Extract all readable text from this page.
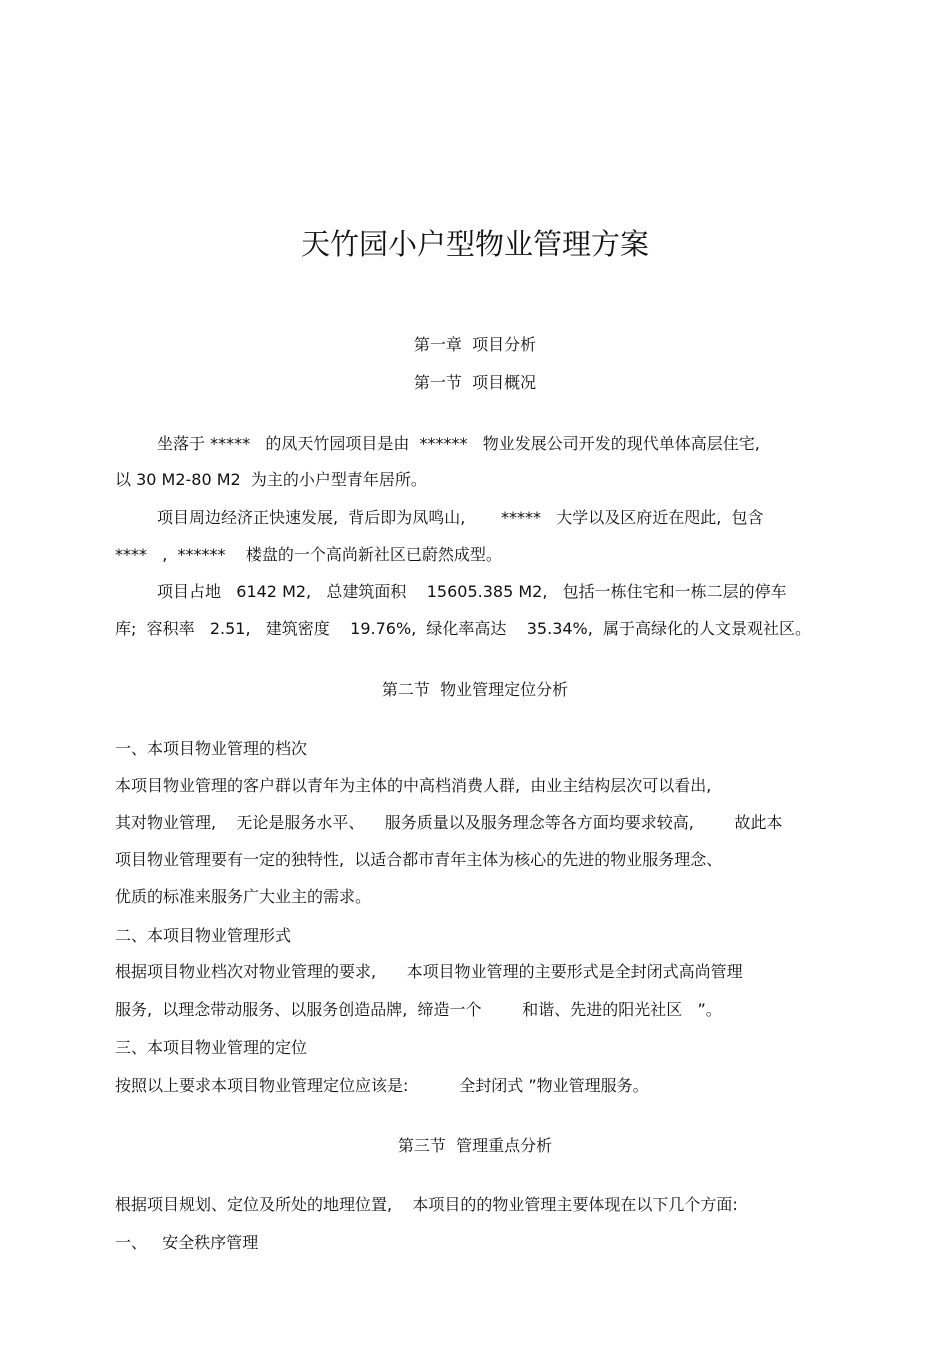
天竹园小户型物业管理方案
第一章  项目分析
第一节  项目概况
坐落于 *****   的凤天竹园项目是由  ******   物业发展公司开发的现代单体高层住宅,
以 30 M2-80 M2  为主的小户型青年居所。
项目周边经济正快速发展,  背后即为凤鸣山,       *****   大学以及区府近在咫此,  包含
****   ,  ******    楼盘的一个高尚新社区已蔚然成型。
项目占地   6142 M2,   总建筑面积    15605.385 M2,   包括一栋住宅和一栋二层的停车
库;  容积率   2.51,   建筑密度    19.76%,  绿化率高达    35.34%,  属于高绿化的人文景观社区。
第二节  物业管理定位分析
一、本项目物业管理的档次
本项目物业管理的客户群以青年为主体的中高档消费人群,  由业主结构层次可以看出,
其对物业管理,    无论是服务水平、    服务质量以及服务理念等各方面均要求较高,        故此本
项目物业管理要有一定的独特性,  以适合都市青年主体为核心的先进的物业服务理念、
优质的标准来服务广大业主的需求。
二、本项目物业管理形式
根据项目物业档次对物业管理的要求,      本项目物业管理的主要形式是全封闭式高尚管理
服务,  以理念带动服务、以服务创造品牌,  缔造一个        和谐、先进的阳光社区   ”。
三、本项目物业管理的定位
按照以上要求本项目物业管理定位应该是:          全封闭式 ”物业管理服务。
第三节  管理重点分析
根据项目规划、定位及所处的地理位置,    本项目的的物业管理主要体现在以下几个方面:
一、   安全秩序管理
